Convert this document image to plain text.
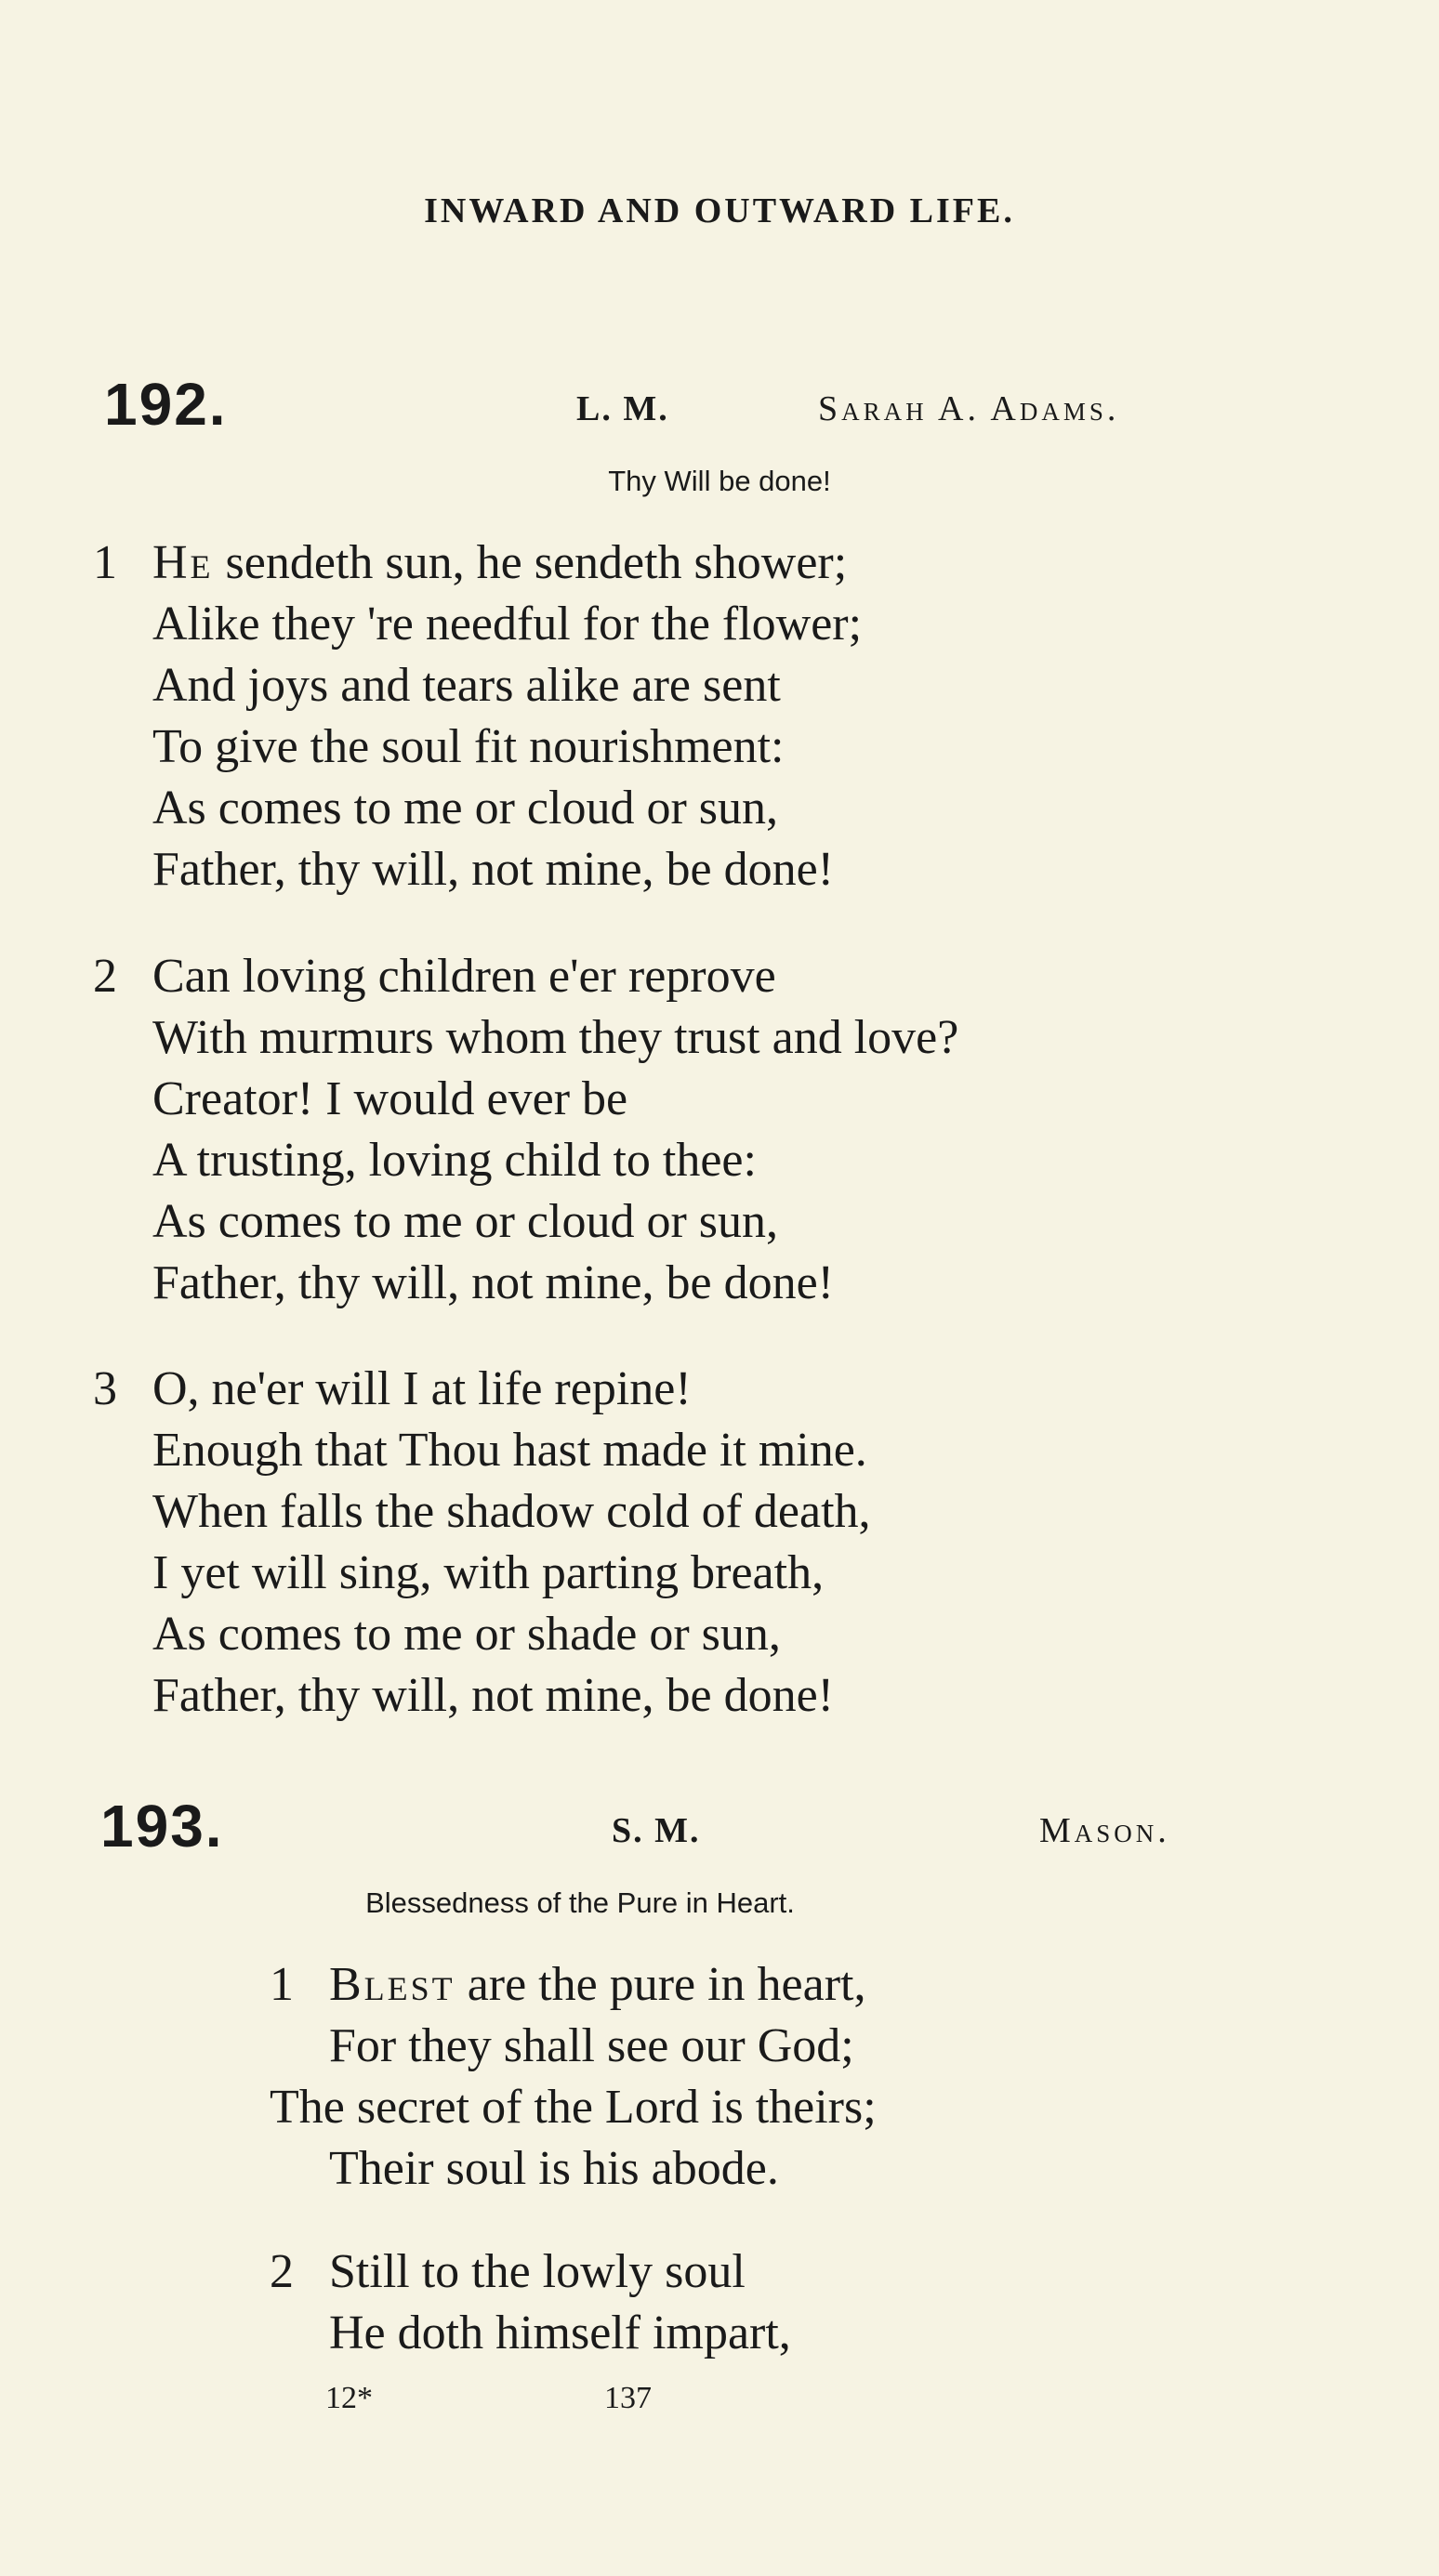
INWARD AND OUTWARD LIFE.
192.	L. M.	Sarah A. Adams.
Thy Will be done!
1 He sendeth sun, he sendeth shower;
Alike they 're needful for the flower;
And joys and tears alike are sent
To give the soul fit nourishment:
As comes to me or cloud or sun,
Father, thy will, not mine, be done!
2 Can loving children e'er reprove
With murmurs whom they trust and love?
Creator! I would ever be
A trusting, loving child to thee:
As comes to me or cloud or sun,
Father, thy will, not mine, be done!
3 O, ne'er will I at life repine!
Enough that Thou hast made it mine.
When falls the shadow cold of death,
I yet will sing, with parting breath,
As comes to me or shade or sun,
Father, thy will, not mine, be done!
193.	S. M.	Mason.
Blessedness of the Pure in Heart.
1 Blest are the pure in heart,
For they shall see our God;
The secret of the Lord is theirs;
Their soul is his abode.
2 Still to the lowly soul
He doth himself impart,
12*	137
